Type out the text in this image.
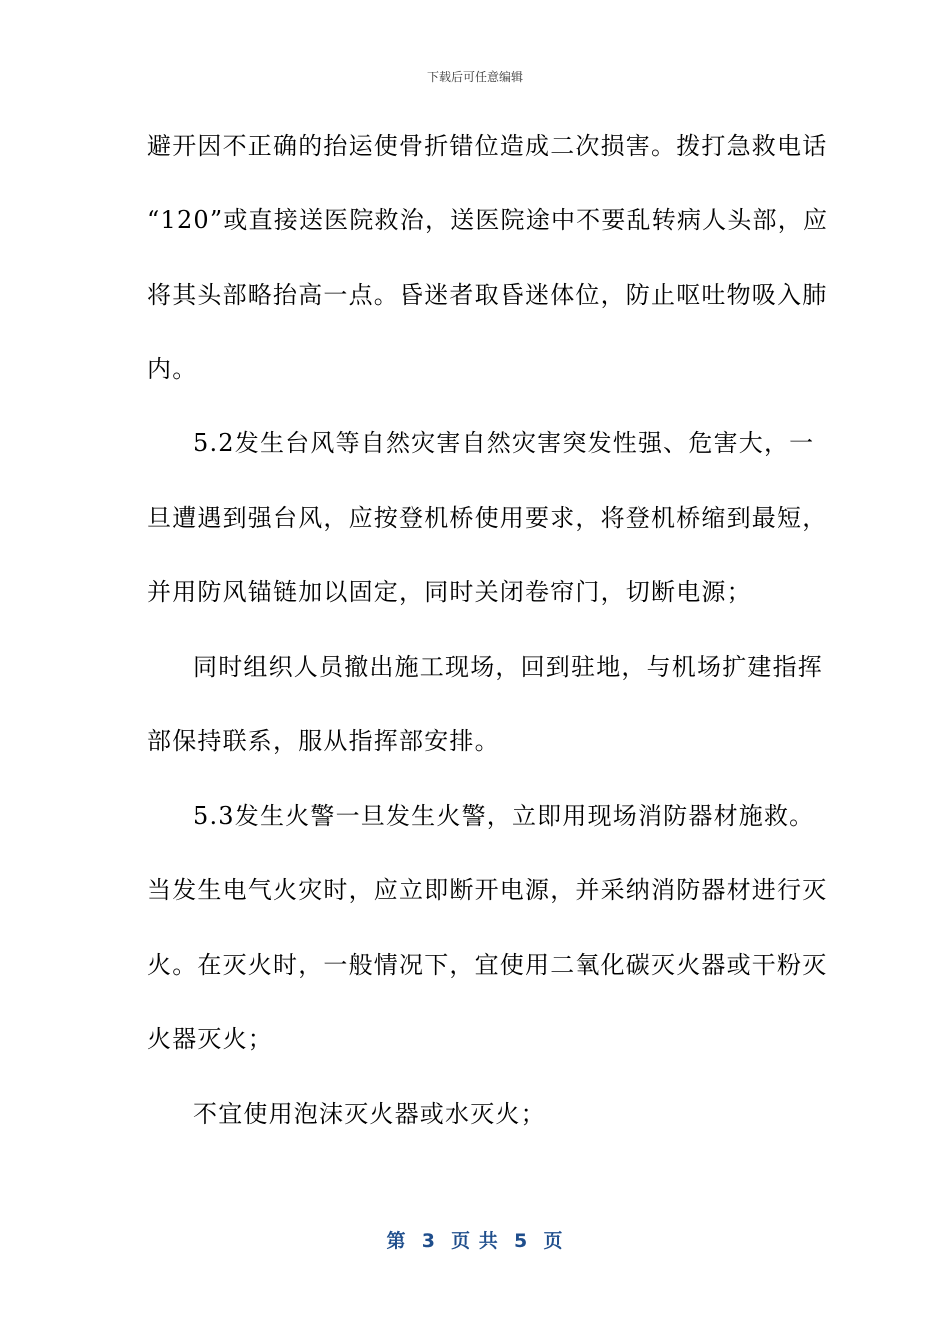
下载后可任意编辑
避开因不正确的抬运使骨折错位造成二次损害。拨打急救电话
“120”或直接送医院救治，送医院途中不要乱转病人头部，应
将其头部略抬高一点。昏迷者取昏迷体位，防止呕吐物吸入肺
内。
5.2发生台风等自然灾害自然灾害突发性强、危害大，一
旦遭遇到强台风，应按登机桥使用要求，将登机桥缩到最短，
并用防风锚链加以固定，同时关闭卷帘门，切断电源；
同时组织人员撤出施工现场，回到驻地，与机场扩建指挥
部保持联系，服从指挥部安排。
5.3发生火警一旦发生火警，立即用现场消防器材施救。
当发生电气火灾时，应立即断开电源，并采纳消防器材进行灭
火。在灭火时，一般情况下，宜使用二氧化碳灭火器或干粉灭
火器灭火；
不宜使用泡沫灭火器或水灭火；
第  3  页 共  5  页
